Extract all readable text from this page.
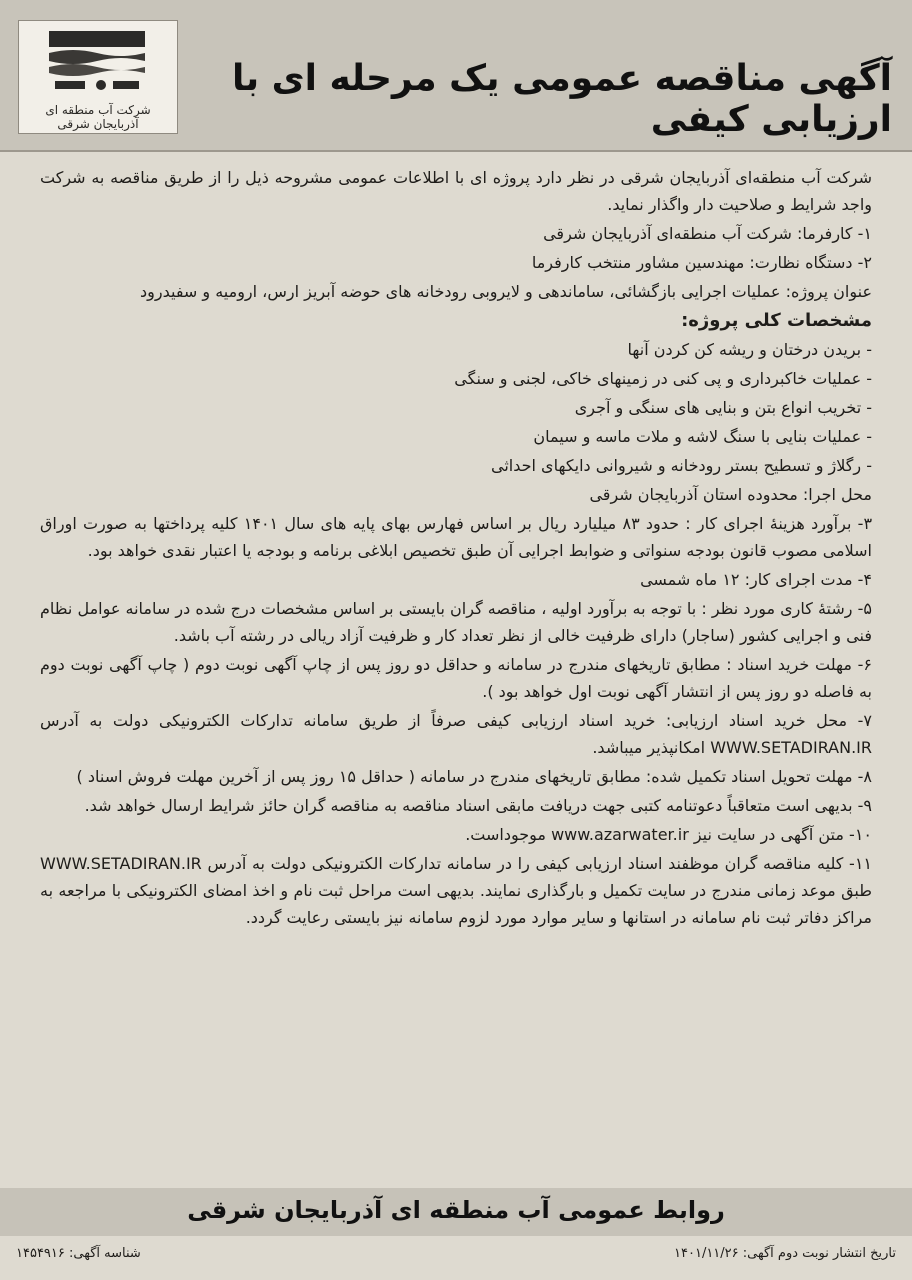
شرکت آب منطقه ای آذربایجان شرقی
آگهی مناقصه عمومی یک مرحله ای با ارزیابی کیفی

شرکت آب منطقه‌ای آذربایجان شرقی در نظر دارد پروژه ای با اطلاعات عمومی مشروحه ذیل را از طریق مناقصه به شرکت واجد شرایط و صلاحیت دار واگذار نماید.

۱- کارفرما: شرکت آب منطقه‌ای آذربایجان شرقی

۲- دستگاه نظارت: مهندسین مشاور منتخب کارفرما

عنوان پروژه: عملیات اجرایی بازگشائی، ساماندهی و لایروبی رودخانه های حوضه آبریز ارس، ارومیه و سفیدرود

مشخصات کلی پروژه:

- بریدن درختان و ریشه کن کردن آنها

- عملیات خاکبرداری و پی کنی در زمینهای خاکی، لجنی و سنگی

- تخریب انواع بتن و بنایی های سنگی و آجری

- عملیات بنایی با سنگ لاشه و ملات ماسه و سیمان

- رگلاژ و تسطیح بستر رودخانه و شیروانی دایکهای احداثی

محل اجرا: محدوده استان آذربایجان شرقی

۳- برآورد هزینهٔ اجرای کار : حدود ۸۳ میلیارد ریال بر اساس فهارس بهای پایه های سال ۱۴۰۱ کلیه پرداختها به صورت اوراق اسلامی مصوب قانون بودجه سنواتی و ضوابط اجرایی آن طبق تخصیص ابلاغی برنامه و بودجه یا اعتبار نقدی خواهد بود.

۴- مدت اجرای کار: ۱۲ ماه شمسی

۵- رشتهٔ کاری مورد نظر : با توجه به برآورد اولیه ، مناقصه گران بایستی بر اساس مشخصات درج شده در سامانه عوامل نظام فنی و اجرایی کشور (ساجار) دارای ظرفیت خالی از نظر تعداد کار و ظرفیت آزاد ریالی در رشته آب باشد.

۶- مهلت خرید اسناد : مطابق تاریخهای مندرج در سامانه و حداقل دو روز پس از چاپ آگهی نوبت دوم ( چاپ آگهی نوبت دوم به فاصله دو روز پس از انتشار آگهی نوبت اول خواهد بود ).

۷- محل خرید اسناد ارزیابی: خرید اسناد ارزیابی کیفی صرفاً از طریق سامانه تدارکات الکترونیکی دولت به آدرس WWW.SETADIRAN.IR امکانپذیر میباشد.

۸- مهلت تحویل اسناد تکمیل شده: مطابق تاریخهای مندرج در سامانه ( حداقل ۱۵ روز پس از آخرین مهلت فروش اسناد )

۹- بدیهی است متعاقباً دعوتنامه کتبی جهت دریافت مابقی اسناد مناقصه به مناقصه گران حائز شرایط ارسال خواهد شد.

۱۰- متن آگهی در سایت نیز www.azarwater.ir موجوداست.

۱۱- کلیه مناقصه گران موظفند اسناد ارزیابی کیفی را در سامانه تدارکات الکترونیکی دولت به آدرس WWW.SETADIRAN.IR طبق موعد زمانی مندرج در سایت تکمیل و بارگذاری نمایند. بدیهی است مراحل ثبت نام و اخذ امضای الکترونیکی با مراجعه به مراکز دفاتر ثبت نام سامانه در استانها و سایر موارد مورد لزوم سامانه نیز بایستی رعایت گردد.

روابط عمومی آب منطقه ای آذربایجان شرقی
تاریخ انتشار نوبت دوم آگهی: ۱۴۰۱/۱۱/۲۶
شناسه آگهی: ۱۴۵۴۹۱۶
